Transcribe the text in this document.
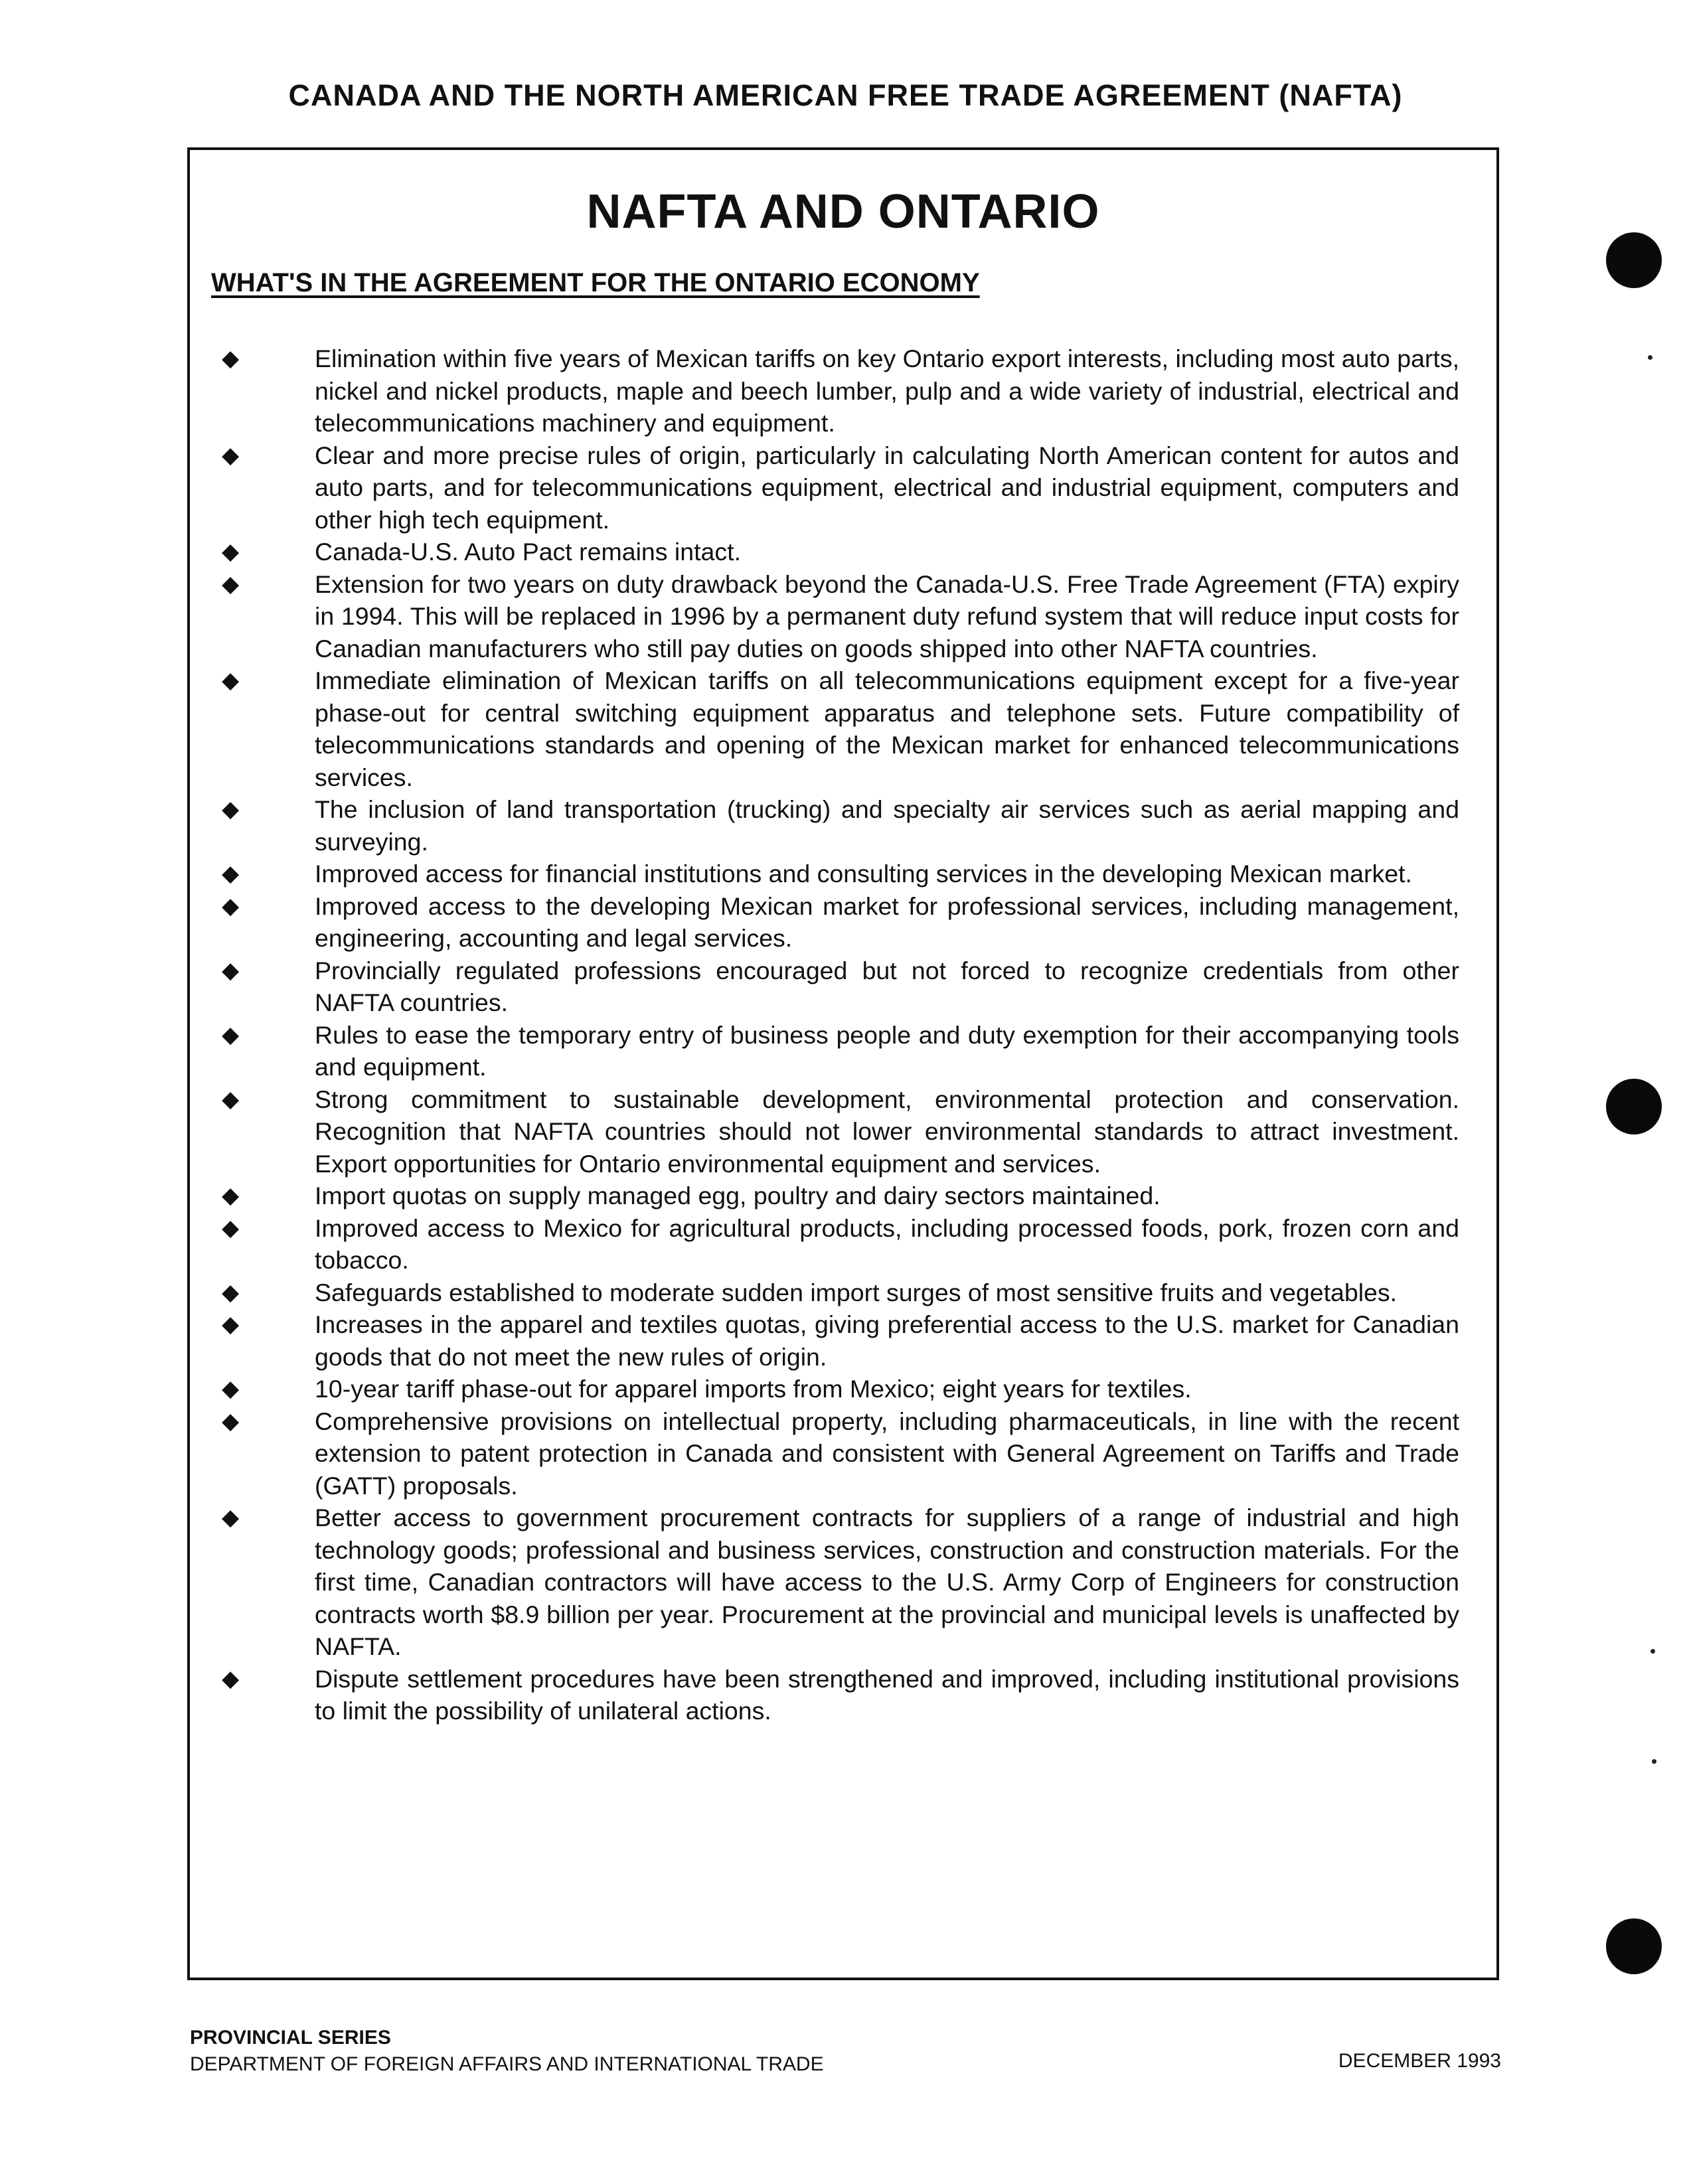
CANADA AND THE NORTH AMERICAN FREE TRADE AGREEMENT (NAFTA)
NAFTA AND ONTARIO
WHAT'S IN THE AGREEMENT FOR THE ONTARIO ECONOMY
◆	Elimination within five years of Mexican tariffs on key Ontario export interests, including most auto parts, nickel and nickel products, maple and beech lumber, pulp and a wide variety of industrial, electrical and telecommunications machinery and equipment.
◆	Clear and more precise rules of origin, particularly in calculating North American content for autos and auto parts, and for telecommunications equipment, electrical and industrial equipment, computers and other high tech equipment.
◆	Canada-U.S. Auto Pact remains intact.
◆	Extension for two years on duty drawback beyond the Canada-U.S. Free Trade Agreement (FTA) expiry in 1994. This will be replaced in 1996 by a permanent duty refund system that will reduce input costs for Canadian manufacturers who still pay duties on goods shipped into other NAFTA countries.
◆	Immediate elimination of Mexican tariffs on all telecommunications equipment except for a five-year phase-out for central switching equipment apparatus and telephone sets. Future compatibility of telecommunications standards and opening of the Mexican market for enhanced telecommunications services.
◆	The inclusion of land transportation (trucking) and specialty air services such as aerial mapping and surveying.
◆	Improved access for financial institutions and consulting services in the developing Mexican market.
◆	Improved access to the developing Mexican market for professional services, including management, engineering, accounting and legal services.
◆	Provincially regulated professions encouraged but not forced to recognize credentials from other NAFTA countries.
◆	Rules to ease the temporary entry of business people and duty exemption for their accompanying tools and equipment.
◆	Strong commitment to sustainable development, environmental protection and conservation. Recognition that NAFTA countries should not lower environmental standards to attract investment. Export opportunities for Ontario environmental equipment and services.
◆	Import quotas on supply managed egg, poultry and dairy sectors maintained.
◆	Improved access to Mexico for agricultural products, including processed foods, pork, frozen corn and tobacco.
◆	Safeguards established to moderate sudden import surges of most sensitive fruits and vegetables.
◆	Increases in the apparel and textiles quotas, giving preferential access to the U.S. market for Canadian goods that do not meet the new rules of origin.
◆	10-year tariff phase-out for apparel imports from Mexico; eight years for textiles.
◆	Comprehensive provisions on intellectual property, including pharmaceuticals, in line with the recent extension to patent protection in Canada and consistent with General Agreement on Tariffs and Trade (GATT) proposals.
◆	Better access to government procurement contracts for suppliers of a range of industrial and high technology goods; professional and business services, construction and construction materials. For the first time, Canadian contractors will have access to the U.S. Army Corp of Engineers for construction contracts worth $8.9 billion per year. Procurement at the provincial and municipal levels is unaffected by NAFTA.
◆	Dispute settlement procedures have been strengthened and improved, including institutional provisions to limit the possibility of unilateral actions.
PROVINCIAL SERIES
DEPARTMENT OF FOREIGN AFFAIRS AND INTERNATIONAL TRADE	DECEMBER 1993
